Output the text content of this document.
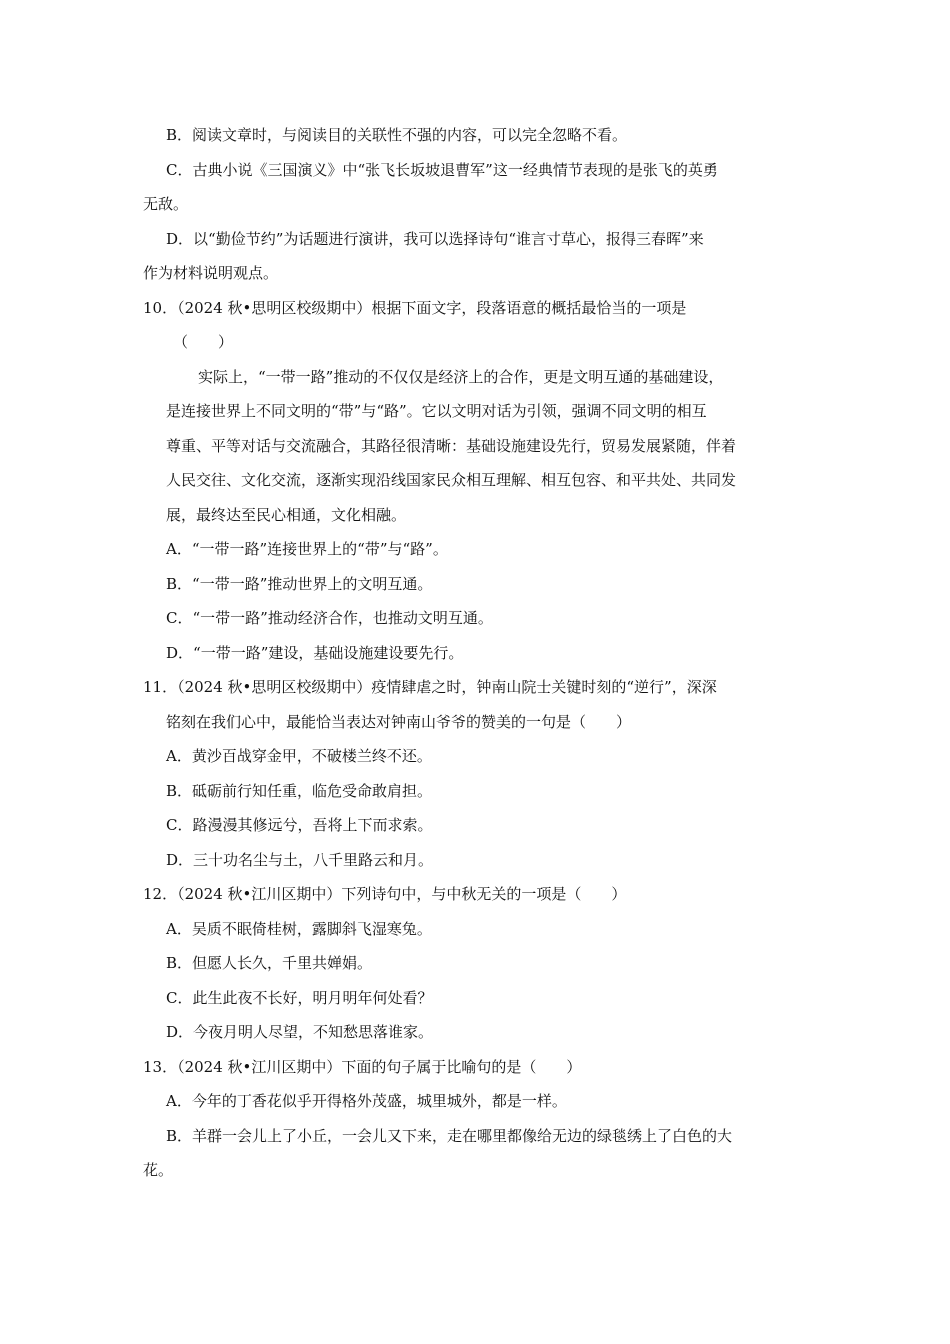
B．阅读文章时，与阅读目的关联性不强的内容，可以完全忽略不看。
C．古典小说《三国演义》中“张飞长坂坡退曹军”这一经典情节表现的是张飞的英勇
无敌。
D．以“勤俭节约”为话题进行演讲，我可以选择诗句“谁言寸草心，报得三春晖”来
作为材料说明观点。
10．（2024 秋•思明区校级期中）根据下面文字，段落语意的概括最恰当的一项是
（　　）
实际上，“一带一路”推动的不仅仅是经济上的合作，更是文明互通的基础建设，
是连接世界上不同文明的“带”与“路”。它以文明对话为引领，强调不同文明的相互
尊重、平等对话与交流融合，其路径很清晰：基础设施建设先行，贸易发展紧随，伴着
人民交往、文化交流，逐渐实现沿线国家民众相互理解、相互包容、和平共处、共同发
展，最终达至民心相通，文化相融。
A．“一带一路”连接世界上的“带”与“路”。
B．“一带一路”推动世界上的文明互通。
C．“一带一路”推动经济合作，也推动文明互通。
D．“一带一路”建设，基础设施建设要先行。
11．（2024 秋•思明区校级期中）疫情肆虐之时，钟南山院士关键时刻的“逆行”，深深
铭刻在我们心中，最能恰当表达对钟南山爷爷的赞美的一句是（　　）
A．黄沙百战穿金甲，不破楼兰终不还。
B．砥砺前行知任重，临危受命敢肩担。
C．路漫漫其修远兮，吾将上下而求索。
D．三十功名尘与土，八千里路云和月。
12．（2024 秋•江川区期中）下列诗句中，与中秋无关的一项是（　　）
A．吴质不眠倚桂树，露脚斜飞湿寒兔。
B．但愿人长久，千里共婵娟。
C．此生此夜不长好，明月明年何处看？
D．今夜月明人尽望，不知愁思落谁家。
13．（2024 秋•江川区期中）下面的句子属于比喻句的是（　　）
A．今年的丁香花似乎开得格外茂盛，城里城外，都是一样。
B．羊群一会儿上了小丘，一会儿又下来，走在哪里都像给无边的绿毯绣上了白色的大
花。
